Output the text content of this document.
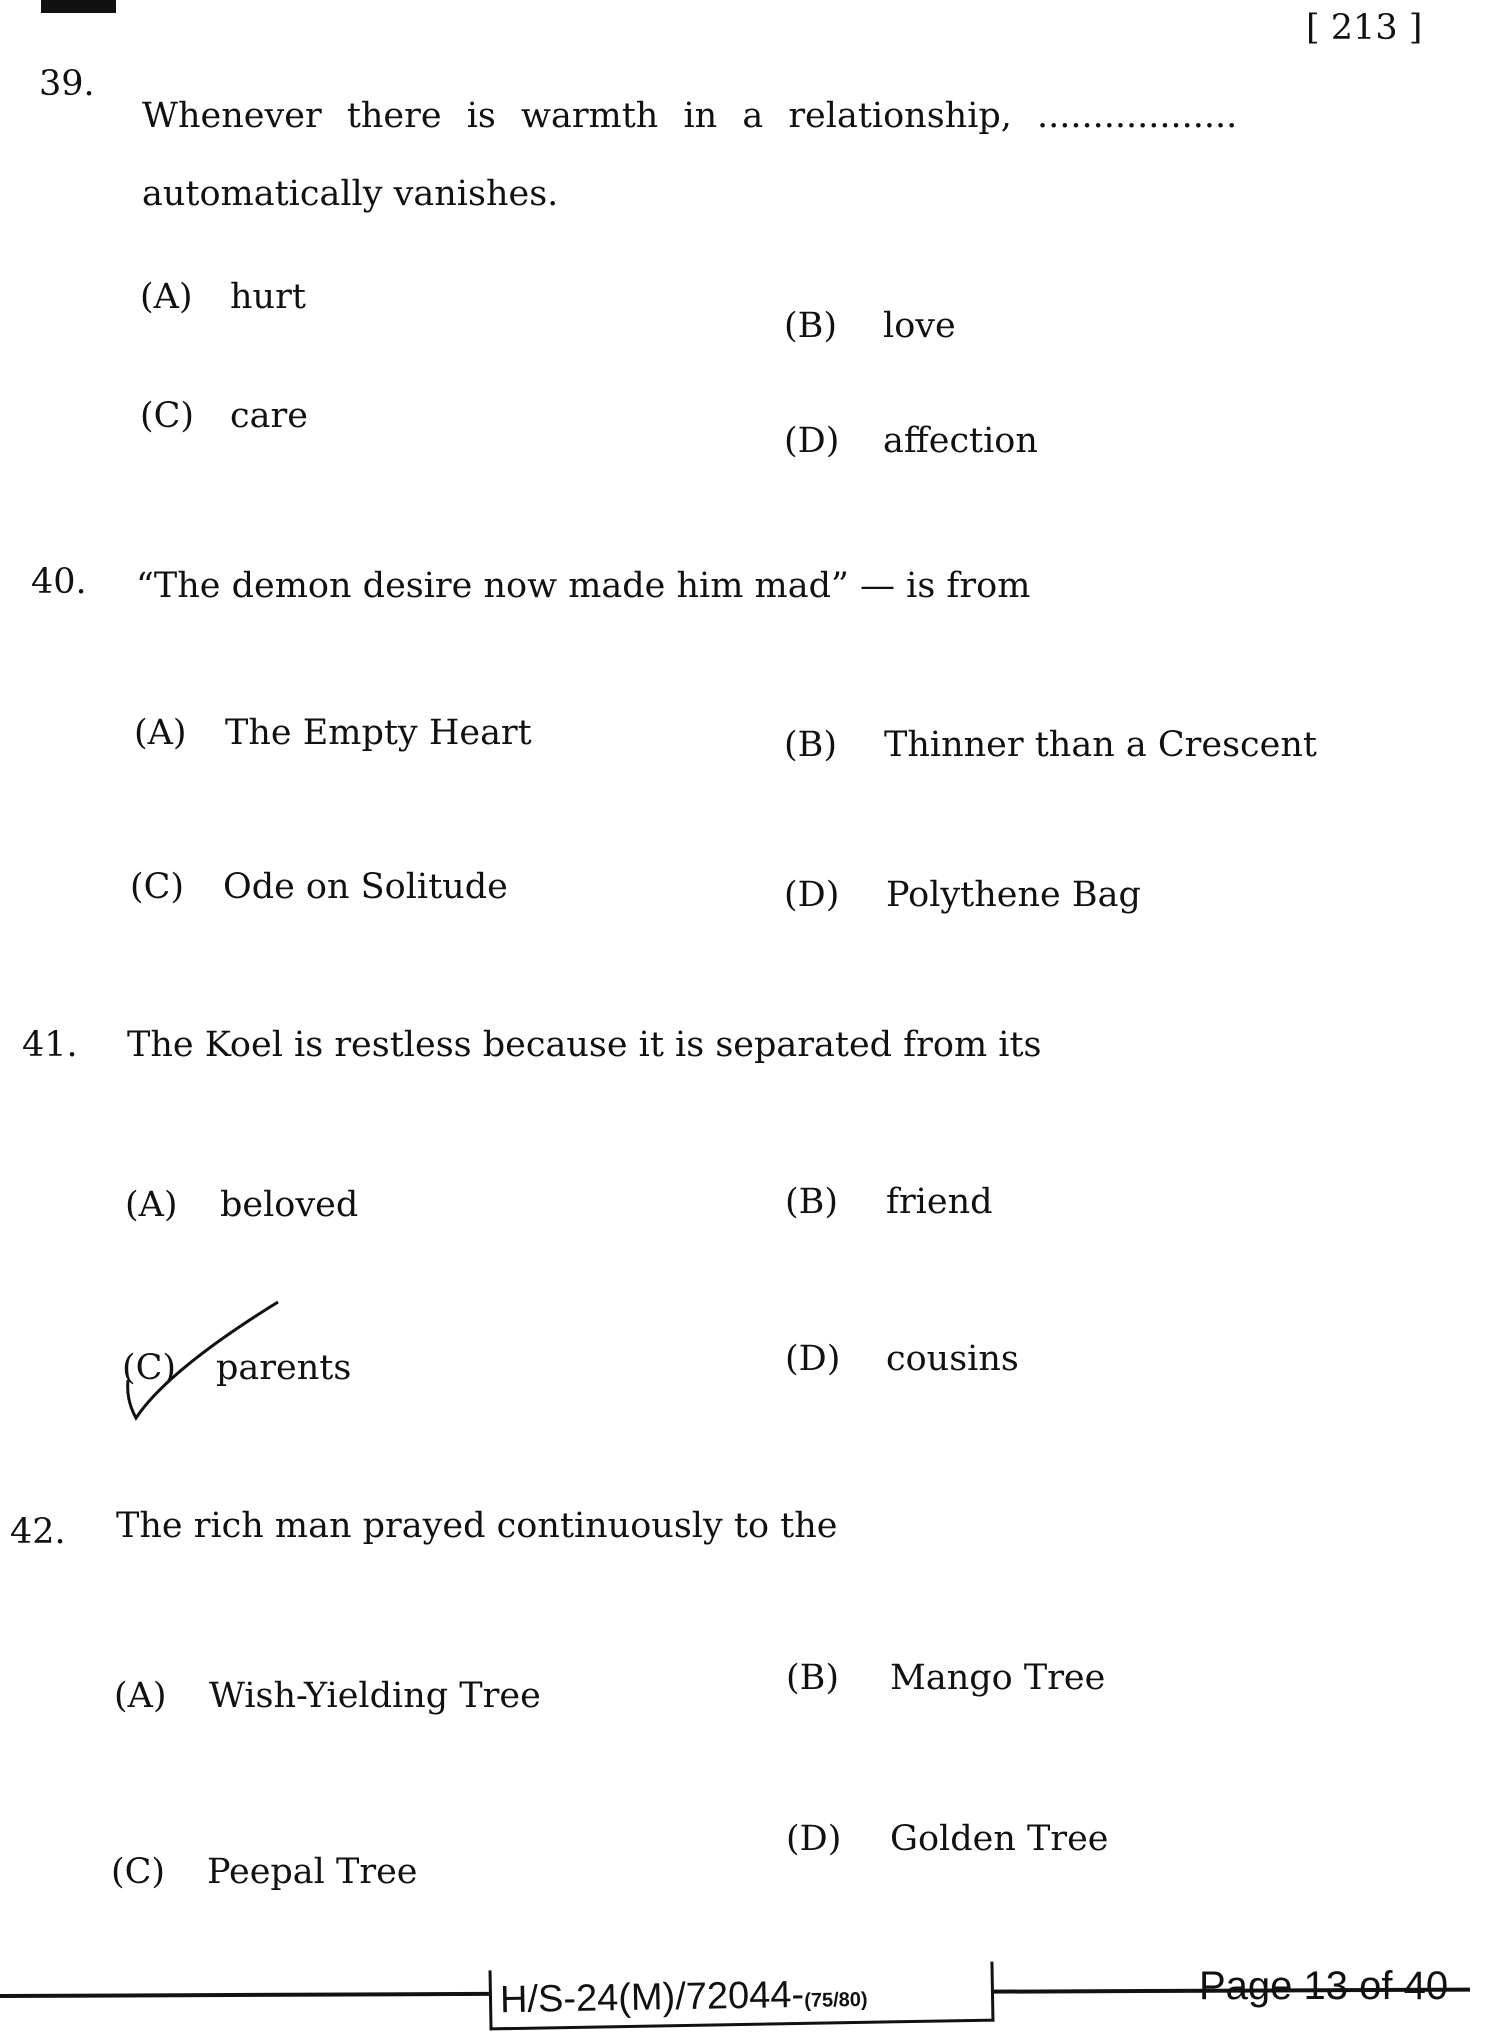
[ 213 ]
39.
Whenever there is warmth in a relationship, ..................
automatically vanishes.
(A) hurt
(B) love
(C) care
(D) affection
40. “The demon desire now made him mad” — is from
(A) The Empty Heart	(B) Thinner than a Crescent
(C) Ode on Solitude	(D) Polythene Bag
41. The Koel is restless because it is separated from its
(A) beloved	(B) friend
(C) parents	(D) cousins
42. The rich man prayed continuously to the
(A) Wish-Yielding Tree	(B) Mango Tree
(C) Peepal Tree
(D) Golden Tree
H/S-24(M)/72044-(75/80)	Page 13 of 40
